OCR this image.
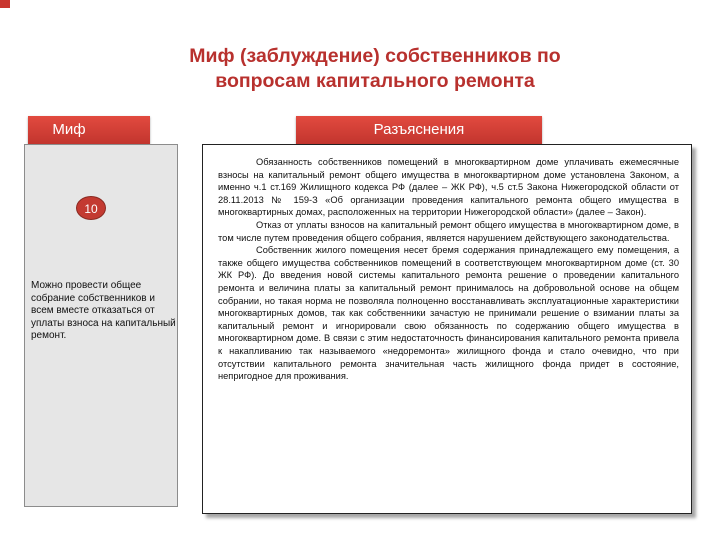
Миф (заблуждение) собственников по
вопросам капитального ремонта
Миф	Разъяснения
10
Можно провести общее собрание собственников и всем вместе отказаться от уплаты взноса на капитальный ремонт.

Обязанность собственников помещений в многоквартирном доме уплачивать ежемесячные взносы на капитальный ремонт общего имущества в многоквартирном доме установлена Законом, а именно ч.1 ст.169 Жилищного кодекса РФ (далее – ЖК РФ), ч.5 ст.5 Закона Нижегородской области от 28.11.2013 № 159-З «Об организации проведения капитального ремонта общего имущества в многоквартирных домах, расположенных на территории Нижегородской области» (далее – Закон).

Отказ от уплаты взносов на капитальный ремонт общего имущества в многоквартирном доме, в том числе путем проведения общего собрания, является нарушением действующего законодательства.

Собственник жилого помещения несет бремя содержания принадлежащего ему помещения, а также общего имущества собственников помещений в соответствующем многоквартирном доме (ст. 30 ЖК РФ). До введения новой системы капитального ремонта решение о проведении капитального ремонта и величина платы за капитальный ремонт принималось на добровольной основе на общем собрании, но такая норма не позволяла полноценно восстанавливать эксплуатационные характеристики многоквартирных домов, так как собственники зачастую не принимали решение о взимании платы за капитальный ремонт и игнорировали свою обязанность по содержанию общего имущества в многоквартирном доме. В связи с этим недостаточность финансирования капитального ремонта привела к накапливанию так называемого «недоремонта» жилищного фонда и стало очевидно, что при отсутствии капитального ремонта значительная часть жилищного фонда придет в состояние, непригодное для проживания.
